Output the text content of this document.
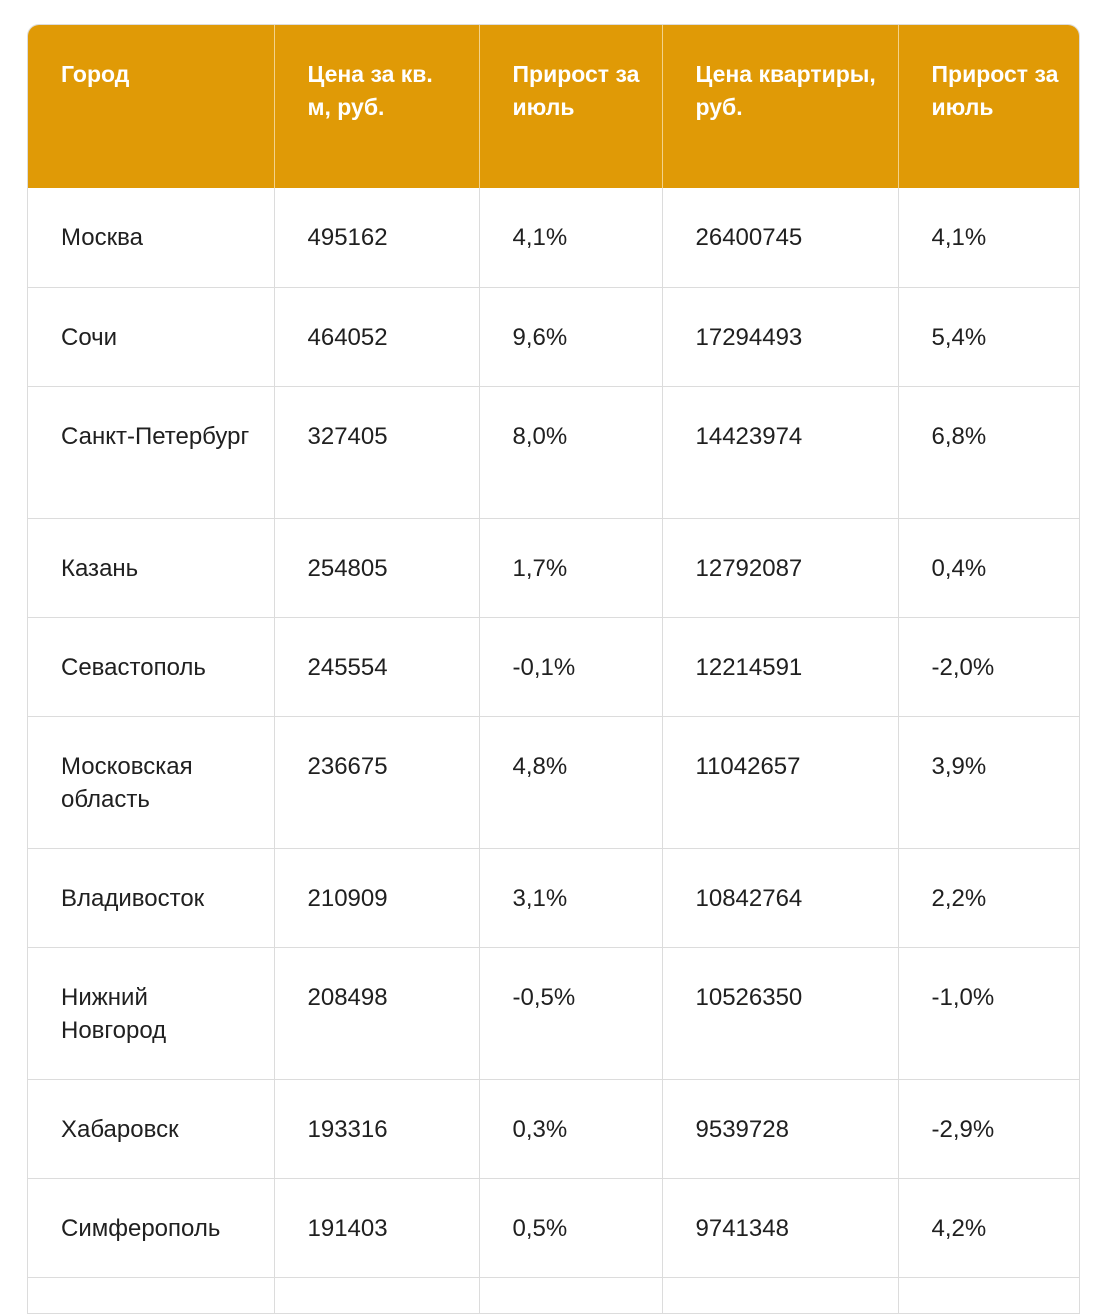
Город	Цена за кв. м, руб.	Прирост за июль	Цена квартиры, руб.	Прирост за июль
Москва	495162	4,1%	26400745	4,1%
Сочи	464052	9,6%	17294493	5,4%
Санкт-Петербург	327405	8,0%	14423974	6,8%
Казань	254805	1,7%	12792087	0,4%
Севастополь	245554	-0,1%	12214591	-2,0%
Московская область	236675	4,8%	11042657	3,9%
Владивосток	210909	3,1%	10842764	2,2%
Нижний Новгород	208498	-0,5%	10526350	-1,0%
Хабаровск	193316	0,3%	9539728	-2,9%
Симферополь	191403	0,5%	9741348	4,2%
